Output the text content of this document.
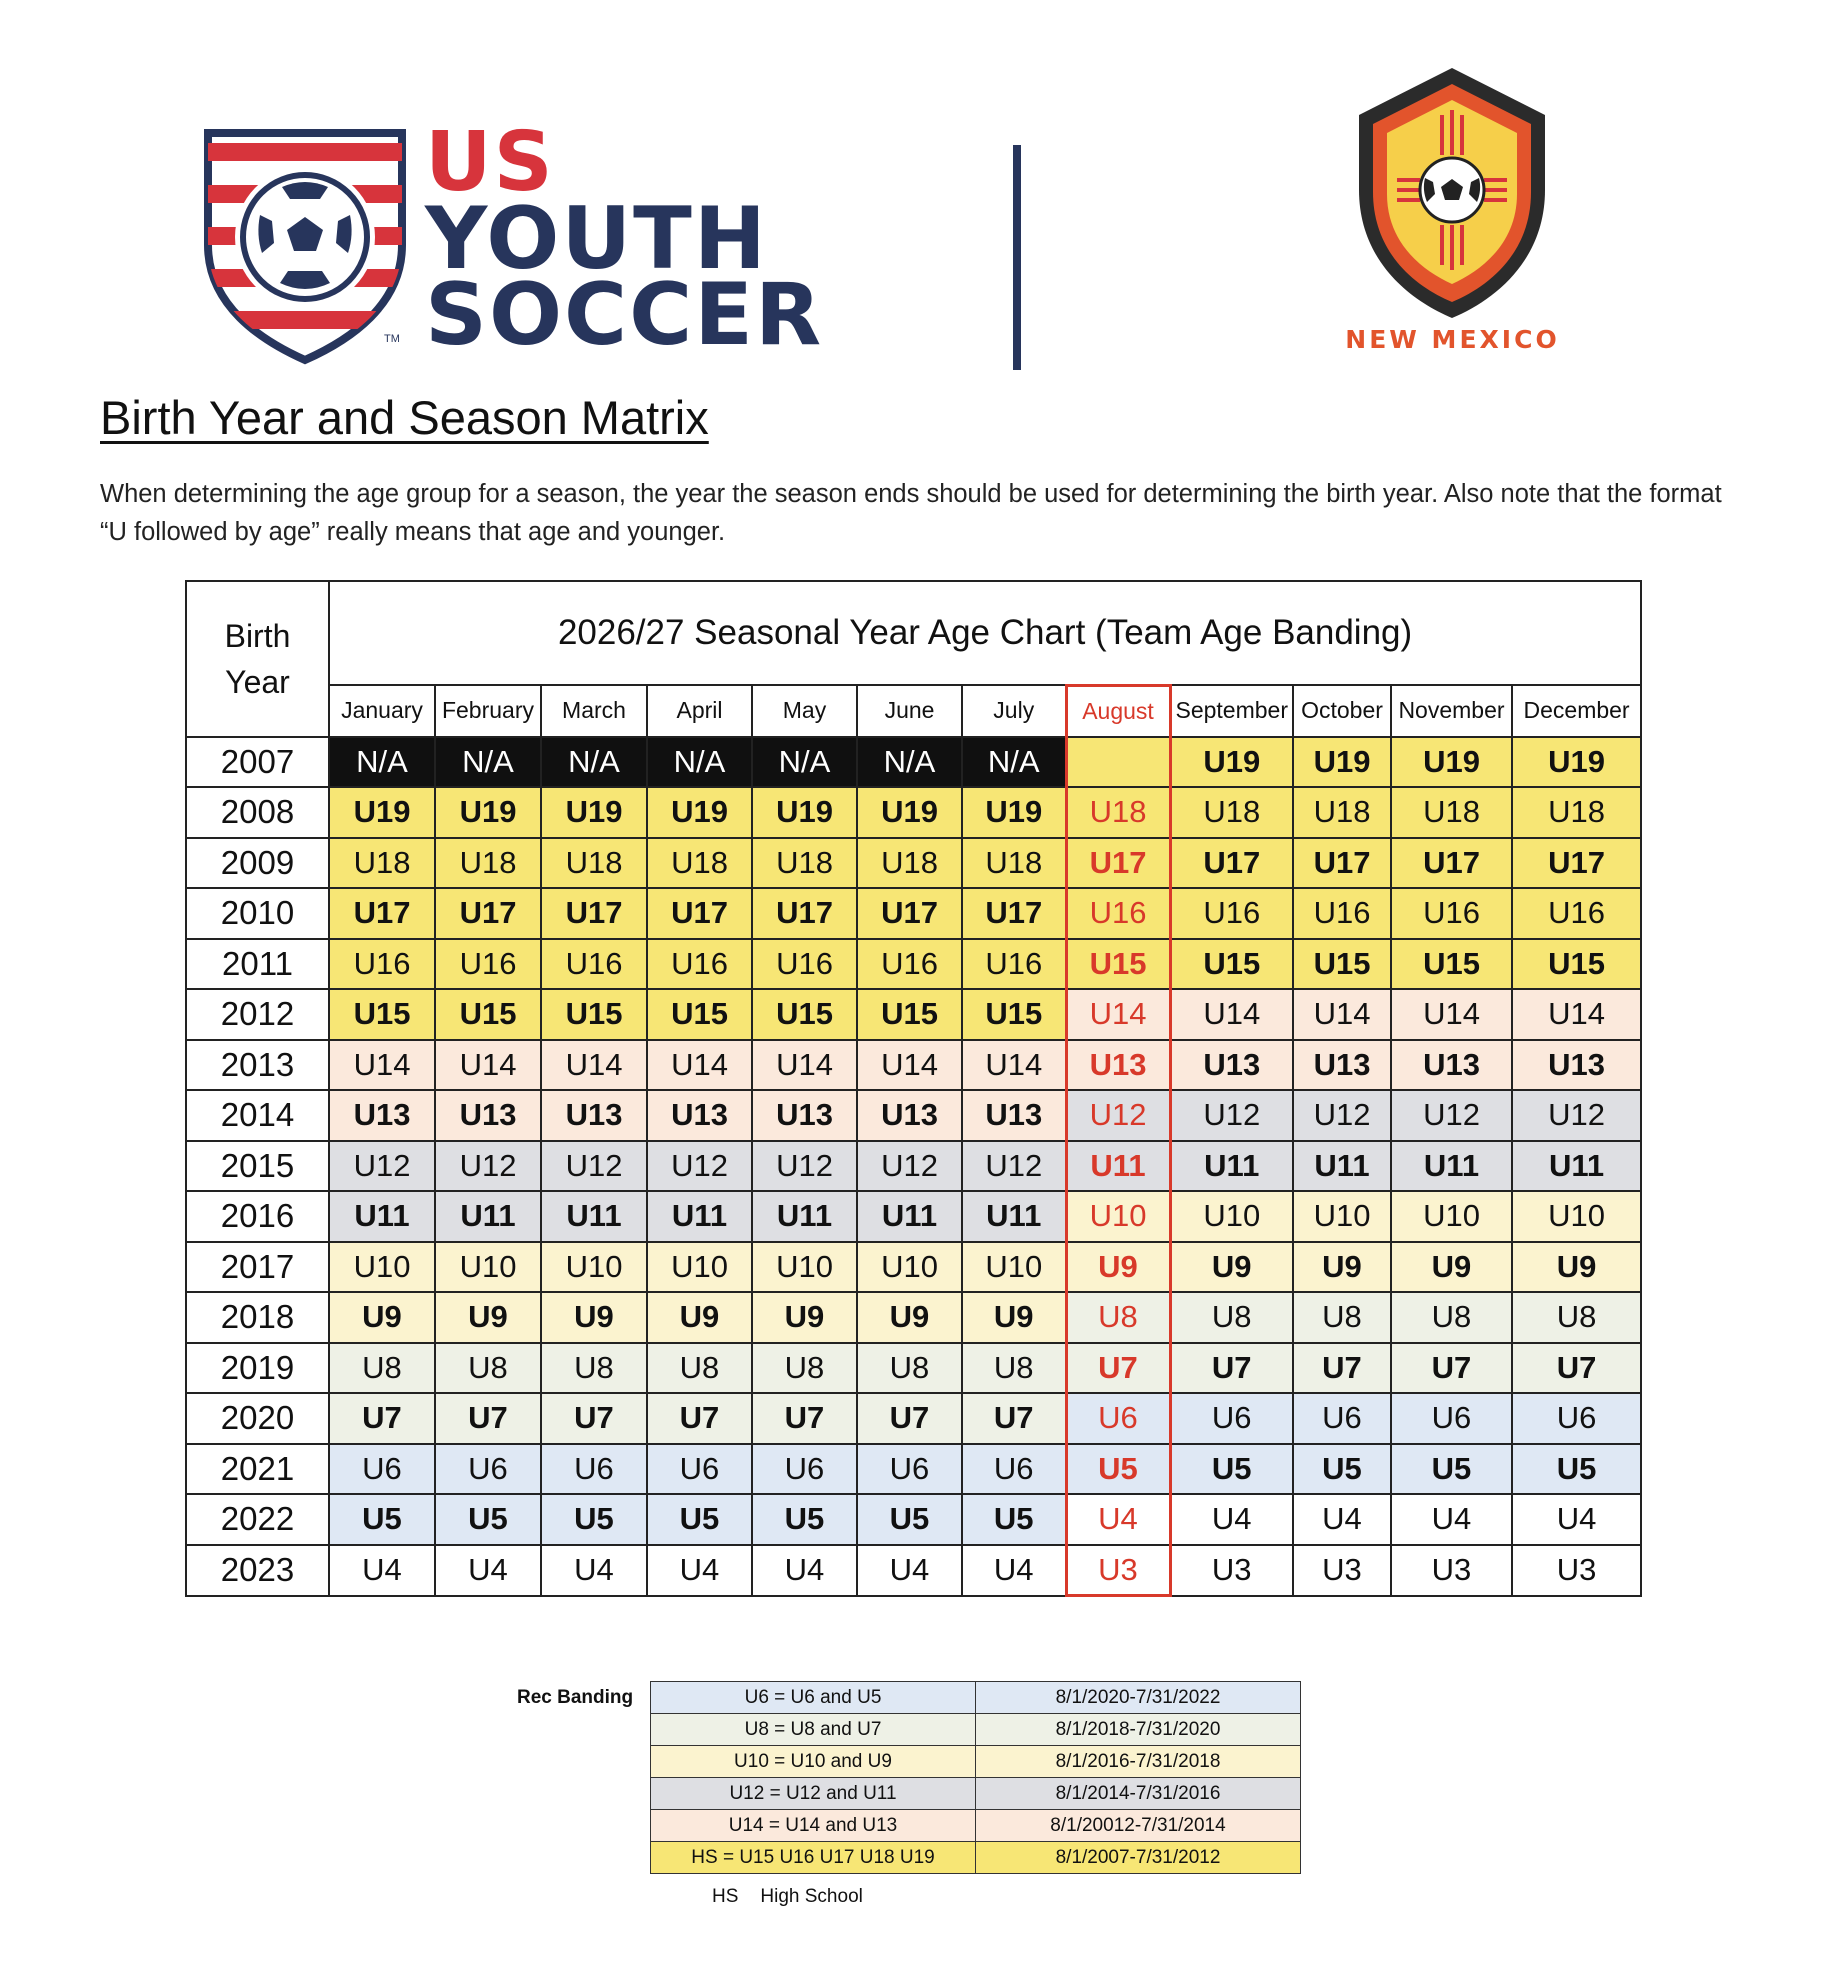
TM
US
YOUTH
SOCCER	NEW MEXICO
Birth Year and Season Matrix

When determining the age group for a season, the year the season ends should be used for determining the birth year. Also note that the format “U followed by age” really means that age and younger.

Birth
Year	2026/27 Seasonal Year Age Chart (Team Age Banding)											
	January	February	March	April	May	June	July	August	September	October	November	December
2007	N/A	N/A	N/A	N/A	N/A	N/A	N/A		U19	U19	U19	U19
2008	U19	U19	U19	U19	U19	U19	U19	U18	U18	U18	U18	U18
2009	U18	U18	U18	U18	U18	U18	U18	U17	U17	U17	U17	U17
2010	U17	U17	U17	U17	U17	U17	U17	U16	U16	U16	U16	U16
2011	U16	U16	U16	U16	U16	U16	U16	U15	U15	U15	U15	U15
2012	U15	U15	U15	U15	U15	U15	U15	U14	U14	U14	U14	U14
2013	U14	U14	U14	U14	U14	U14	U14	U13	U13	U13	U13	U13
2014	U13	U13	U13	U13	U13	U13	U13	U12	U12	U12	U12	U12
2015	U12	U12	U12	U12	U12	U12	U12	U11	U11	U11	U11	U11
2016	U11	U11	U11	U11	U11	U11	U11	U10	U10	U10	U10	U10
2017	U10	U10	U10	U10	U10	U10	U10	U9	U9	U9	U9	U9
2018	U9	U9	U9	U9	U9	U9	U9	U8	U8	U8	U8	U8
2019	U8	U8	U8	U8	U8	U8	U8	U7	U7	U7	U7	U7
2020	U7	U7	U7	U7	U7	U7	U7	U6	U6	U6	U6	U6
2021	U6	U6	U6	U6	U6	U6	U6	U5	U5	U5	U5	U5
2022	U5	U5	U5	U5	U5	U5	U5	U4	U4	U4	U4	U4
2023	U4	U4	U4	U4	U4	U4	U4	U3	U3	U3	U3	U3
Rec Banding	U6 = U6 and U5	8/1/2020-7/31/2022
U8 = U8 and U7	8/1/2018-7/31/2020
U10 = U10 and U9	8/1/2016-7/31/2018
U12 = U12 and U11	8/1/2014-7/31/2016
U14 = U14 and U13	8/1/20012-7/31/2014
HS = U15 U16 U17 U18 U19	8/1/2007-7/31/2012
HS High School
